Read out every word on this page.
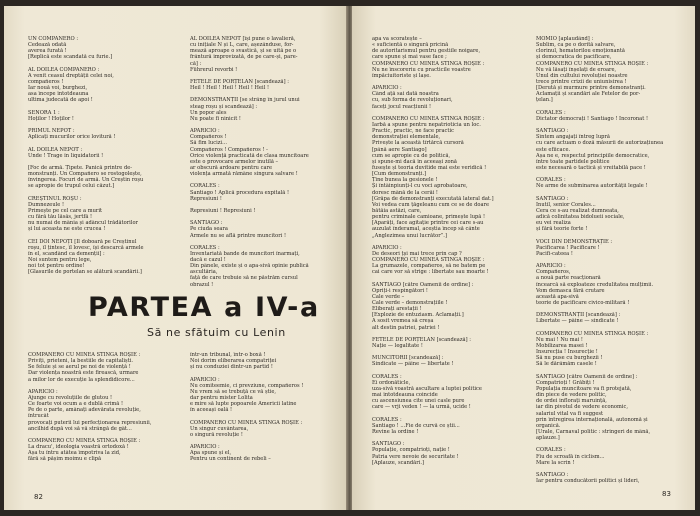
UN COMPANERO :
Cedează odată
averea furată !
[Replică este scandată cu furie.]

AL DOILEA COMPAÑERO :
A venit ceasul dreptății celei noi,
compañeros !
Iar nouă voi, burghezi,
asa începe întotdeauna
ultima judecată de apoi !

SENORA 1 :
Hoților ! Hoților !

PRIMUL NEPOT :
Aplicați mucurilor orice lovitură !

AL DOILEA NEPOT :
Unde ! Trage în liquidatorii !

[Foc de armă. Țipete. Panică printre de-
monstranți. Un Compañero se rostogolește,
învingerea. Focuri de armă. Un Creștin roșu
se apropie de trupul celui căzut.]

CREȘTINUL ROȘU :
Dumnezeule !
Primește pe cel care a murit
cu fără tău lăsăs, jertfă !
nu numai de mânia și adâncul trădătorilor
și lui aceasta ne este crucea !

CEI DOI NEPOȚI [Îl doboară pe Creștinul
roșu, îl țintesc, îl lovesc, își descarcă armele
în el, scandând ca demenții] :
Noi suntem pentru lege,
noi tot pentru ordine!
[Glasurile de portelan se alătură scandării.]
AL DOILEA NEPOT [își pune o lavalieră,
cu inițiale N și L, care, așezânduse, for-
mează aproape o svastică, și se uită pe o
frântură improvizată, de pe care-și, pare-
că] :
Führerul revorbi !

FETELE DE PORȚELAN [scandează] :
Heil ! Heil ! Heil ! Heil ! Heil !

DEMONSTRANȚII [se strâng în jurul unui
steag roșu și scandează] :
Un popor ales
Nu poate fi ninicit !

APARICIO :
Compañeros !
Să fim lucizi...
Compañeros ! Compañeros ! -
Orice violență practicată de clasa muncitoare
este o provocare armelor inutilă –
ar obscură ardoare pentru care
violența armată rămâne singura salvare !

CORALES :
Santiago ! Aplică procedura expitală !
Represiuni !

Represiuni ! Represiuni !

SANTIAGO :
Pe ciuda seara
Armele nu se află printre muncitori !

CORALES :
Inventariată bande de muncitori înarmați,
dacă e cazul !
Din pânele, existe și o apa-sivă opinie publică
ascultăria,
față de care trebuie să ne păstrăm cursul
obrazul !
PARTEA a IV-a
Să ne sfătuim cu Lenin
COMPAÑERO CU MINEA STINGĂ ROȘIE :
Priviți, prieteni, la bestiile de capitaliști.
Se feluie și se aerul pe noi de violență !
Dar violența noastră este firească, urmare
a milor lor de execuție la splendidicore...

APARICIO :
Ajunge cu revoluțiile de glutou !
Ce foarte voi ocum a e dublă crimă !
Pe de o parte, amânați adevărata revoluție,
întrucât
provocați puterii lui perfecționarea represiunii,
ancilhid după voi să vă strângă de gât...

COMPAÑERO CU MINEA STINGĂ ROȘIE :
La dracu', ideologia voastră ortodoxă !
Așa tu întru atâtea împotriva la zid,
fără să pășim moimu e clipă
într-un tribunal, într-o boxă !
Noi dorim eliberarea compatriței
și nu conduziei dintr-un partid !

APARICIO :
Nu comiteemie, ci prevziune, compañeros !
Nu vrem să se trebuță ce vă știe,
dar pentru mister Lolita
e mire să lupte popoarele Americii latine
în aceeași oală !

COMPAÑERO CU MINEA STINGĂ ROȘIE :
Un singur cuvântarea,
o singură revoluție !

APARICIO :
Apa spune și el,
Pentru un continent de rebeli –
82
apa va scoratește –
« suficientă o singură pricină
de autoritarismul pentru gestiile noigare,
care spune și mai vase face ;
COMPAÑERO CU MINEA STINGĂ ROȘIE :
Nu ne înscoreriu cu practicile voastre
împăciuitoriste și lașe.

APARICIO :
Când ață sai dată noastra
cu, sub forma de revoluționari,
faceți jocul reacțiunii !

COMPAÑERO CU MINEA STINGĂ ROȘIE :
Iarbă a spune pentru nepatrioticia un loc.
Practic, practic, ne face practic
demonstrației elementale,
Privește la aceastâ tîrtărcă cursoră
[până aere Santiago]
cum se apropie cu de politică,
și spune-mi dacă în aceeași zonă
fusește și teoria duvitide mai este veridică !
[Cum demonstranți.]
Ține bunea la gesionele !
Și întâinpiunți-l cu voci aprobatoare,
doresc mână de la cerăi !
[Grăpa de demonstranți executată lateral dat.]
Voi vedea cum țăgeleanu cum ce se de doare
bătăia astăzi, care,
pentru criminale camioane, primește lupă !
[Aparăți, face agitație printre cei care s-au
auzulat înderamal, aceștia încep să cânte
„Anglezimea unui lucrător”.]

APARICIO :
De deseori țși mai trece prin cap ?
COMPAÑERO CU MINEA STINGĂ ROȘIE :
La grumazele, compañeros, să ne batem pe
cai care vor să strige : libertate sau moarte !

SANTIAGO [către Oamenii de ordine] :
Opriți-i respingători !
Cale verde –
Cale verde – demonstrațiile !
Eliberați arestații !
[Explozie de entuziasm. Aclamații.]
A sosit vremea să creșa
alt destin patriei, patriei !

FETELE DE PORȚELAN [scandează] :
Nație — legalitate !

MUNCITORII [scandează] :
Sindicate — pâine — libertate !

CORALES :
Ei ordonăticle,
uza-sivă voastră ascultare a luptei politice
mai întotdeauna coincide
cu ascensiunea cite unei casle pure
care — vrji veden ! — la urmă, ucide !

CORALES :
Santiago ! ...Fie de curvă ce știi...
Revine la ordine !

SANTIAGO :
Populație, compatrioți, nație !
Patria vere nevoie de securitate !
[Aplauze, scandări.]
MOMIO [aplaudând] :
Sublim, ca pe o dorită salvare,
clorinul, hematorilou emoționantă
și democratica de pacificare,
COMPAÑERO CU MINEA STINGĂ ROȘIE :
Nu vă lăsați înșelați de eroare,
Unul din cultului revoluției noastre
trece printre crizii de uniunisirea !
[Derută și murmure printre demonstranți.
Aclamații și scandări ale Fetelor de por-
țelan.]

CORALES :
Dictator democrați ! Santiago ! Încoronat !

SANTIAGO :
Sîntem angajați întreg lupră
cu care actuam o doză măsurii de autorizațiunea
este efiicace.
Așa ne e, respectul principiile democratice,
între toate partidele politice
este necesară o tactică și vreitabilă pace !

CORALES :
Ne arme de subminarea autorității legale !

SANTIAGO :
Inutil, senior Corales...
Cera ce s-au realizat dumneata,
adică colinitatea bidolueii sociale,
eu vei realiza
și fără teorie forte !

VOCI DIN DEMONSTRAȚIE :
Pacificarea ! Pacificare !
Pacifi-cateea !

APARICIO :
Compañeros,
a nouă parte reacționară
încearcă să exploateze credulitatea mulțimii.
Vom demasca fără crutare
această apa-sivă
teorie de pacificare civico-militară !

DEMONSTRANȚII [scandează] :
Libertate — pâine — sindicate !

COMPAÑERO CU MINEA STINGĂ ROȘIE :
Nu mai ! Nu mai !
Mobilizarea masei !
Insurecția ! Insurecție !
Să nu puse cu burghezii !
Să le dărâmăm casele !

SANTIAGO [către Oamenii de ordine] :
Compatrioți ! Grăbiți !
Populația muncitoare va fi protejată,
din piece de vedere politic,
de ordei inflorați maruință,
iar din pivotul de vedere economic,
salariul vital va fi suggest
prin întregirea internațională, autonomă și
organică.
[Urale, Carnaval politic : stringeri de mână,
aplauze.]

CORALES :
Fiu de scroafă în ciclism...
Mare la scrin !

SANTIAGO :
Iar pentru conducătorii politici și lideri,
83
